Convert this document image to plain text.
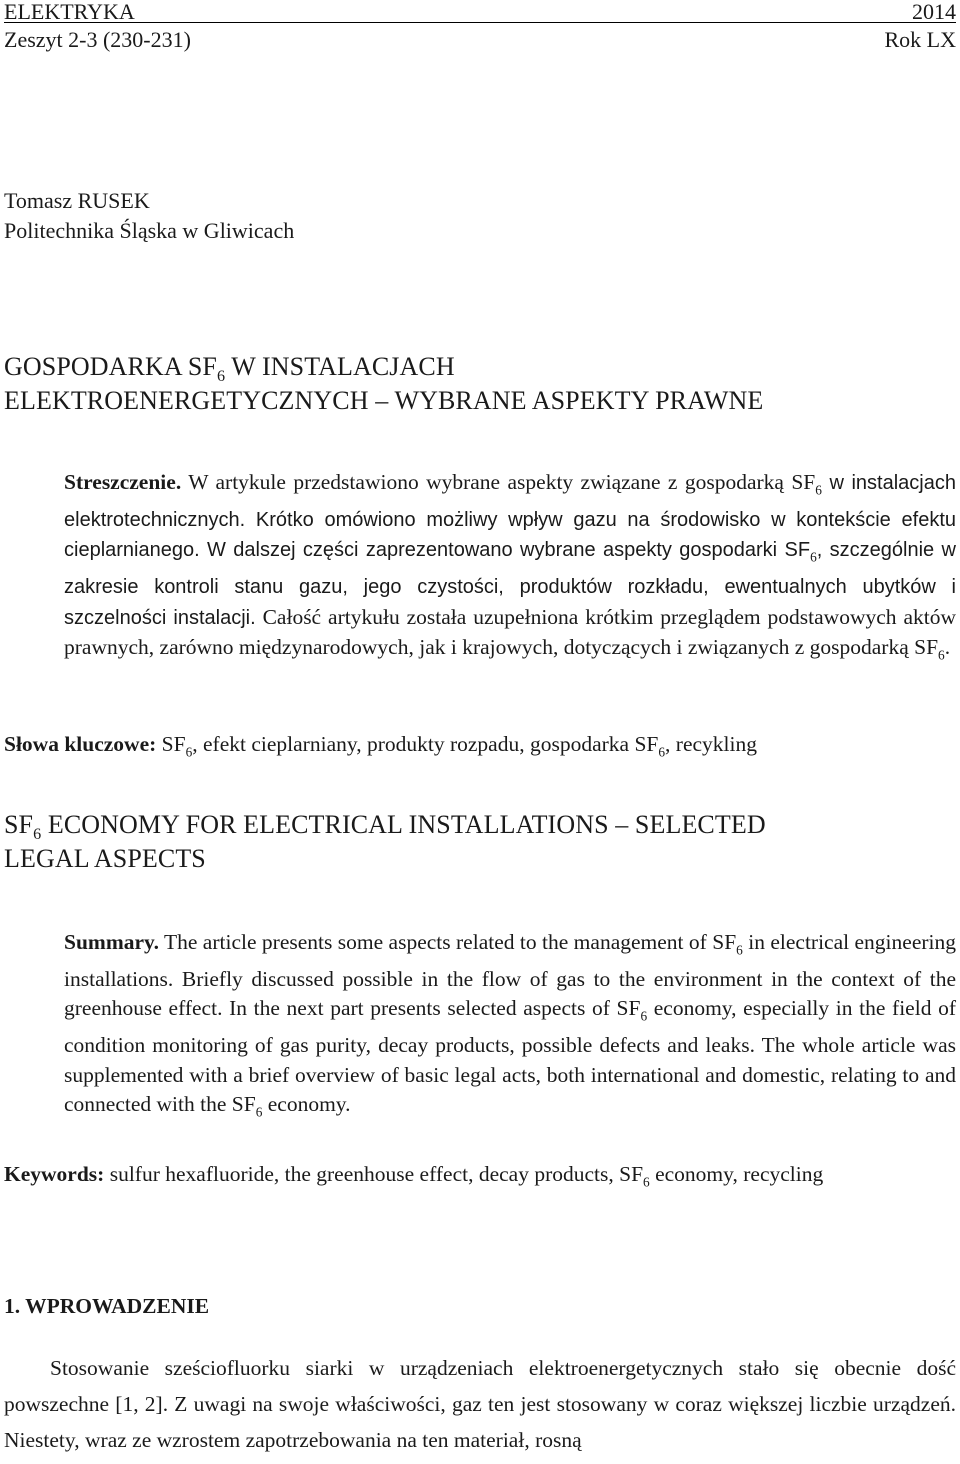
ELEKTRYKA	2014
Zeszyt 2-3 (230-231)	Rok LX
Tomasz RUSEK
Politechnika Śląska w Gliwicach
GOSPODARKA $SF_6$ W INSTALACJACH
ELEKTROENERGETYCZNYCH – WYBRANE ASPEKTY PRAWNE
Streszczenie. W artykule przedstawiono wybrane aspekty związane z gospodarką $SF_6$ w instalacjach elektrotechnicznych. Krótko omówiono możliwy wpływ gazu na środowisko w kontekście efektu cieplarnianego. W dalszej części zaprezentowano wybrane aspekty gospodarki $SF_6$, szczególnie w zakresie kontroli stanu gazu, jego czystości, produktów rozkładu, ewentualnych ubytków i szczelności instalacji. Całość artykułu została uzupełniona krótkim przeglądem podstawowych aktów prawnych, zarówno międzynarodowych, jak i krajowych, dotyczących i związanych z gospodarką $SF_6$.
Słowa kluczowe: $SF_6$, efekt cieplarniany, produkty rozpadu, gospodarka $SF_6$, recykling
$SF_6$ ECONOMY FOR ELECTRICAL INSTALLATIONS – SELECTED
LEGAL ASPECTS
Summary. The article presents some aspects related to the management of $SF_6$ in electrical engineering installations. Briefly discussed possible in the flow of gas to the environment in the context of the greenhouse effect. In the next part presents selected aspects of $SF_6$ economy, especially in the field of condition monitoring of gas purity, decay products, possible defects and leaks. The whole article was supplemented with a brief overview of basic legal acts, both international and domestic, relating to and connected with the $SF_6$ economy.
Keywords: sulfur hexafluoride, the greenhouse effect, decay products, $SF_6$ economy, recycling
1. WPROWADZENIE
Stosowanie sześciofluorku siarki w urządzeniach elektroenergetycznych stało się obecnie dość powszechne [1, 2]. Z uwagi na swoje właściwości, gaz ten jest stosowany w coraz większej liczbie urządzeń. Niestety, wraz ze wzrostem zapotrzebowania na ten materiał, rosną
